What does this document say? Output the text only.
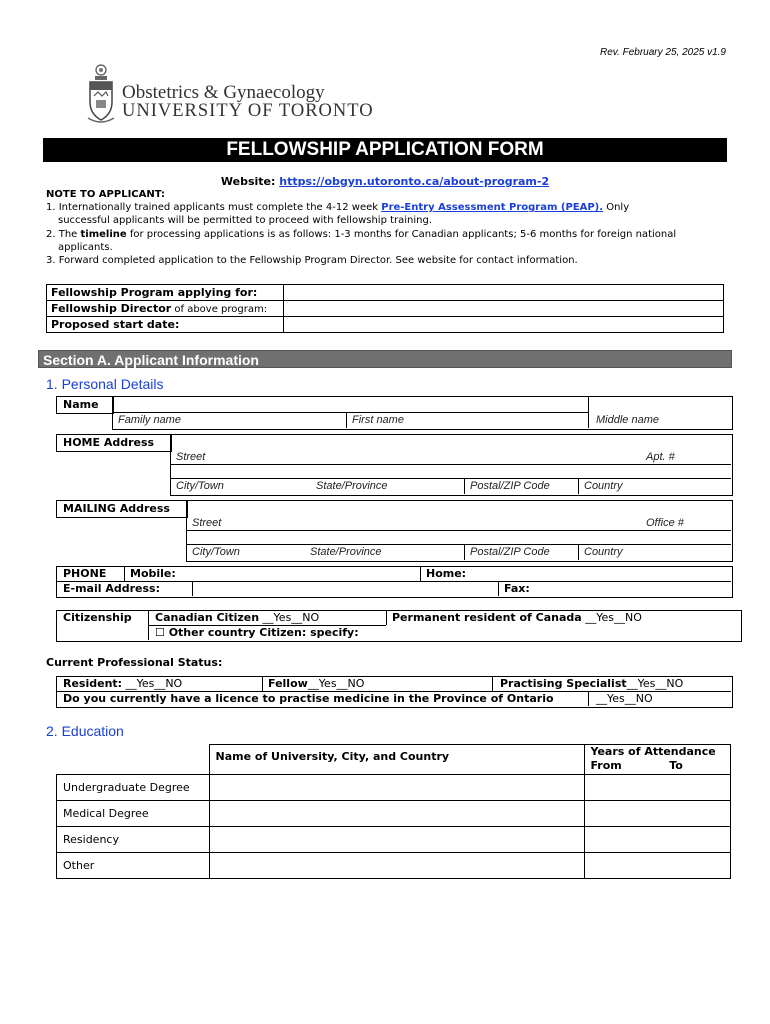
Rev. February 25, 2025 v1.9
Obstetrics & Gynaecology
UNIVERSITY OF TORONTO
FELLOWSHIP APPLICATION FORM
Website: https://obgyn.utoronto.ca/about-program-2

NOTE TO APPLICANT:

1. Internationally trained applicants must complete the 4-12 week Pre-Entry Assessment Program (PEAP). Only

successful applicants will be permitted to proceed with fellowship training.

2. The timeline for processing applications is as follows: 1-3 months for Canadian applicants; 5-6 months for foreign national

applicants.

3. Forward completed application to the Fellowship Program Director. See website for contact information.

Fellowship Program applying for:	
Fellowship Director of above program:	
Proposed start date:	
Section A. Applicant Information
1. Personal Details
Name
Family name	First name	Middle name
HOME Address
Street	Apt. #
City/Town	State/Province	Postal/ZIP Code	Country
MAILING Address
Street	Office #
City/Town	State/Province	Postal/ZIP Code	Country
PHONE Mobile:	Home:
E-mail Address:	Fax:
Citizenship Canadian Citizen __Yes__NO	Permanent resident of Canada __Yes__NO
☐ Other country Citizen: specify:
Current Professional Status:
Resident: __Yes__NO	Fellow__Yes__NO	Practising Specialist__Yes__NO
Do you currently have a licence to practise medicine in the Province of Ontario	__Yes__NO
2. Education
	Name of University, City, and Country	Years of Attendance
From To
Undergraduate Degree		
Medical Degree		
Residency		
Other		
